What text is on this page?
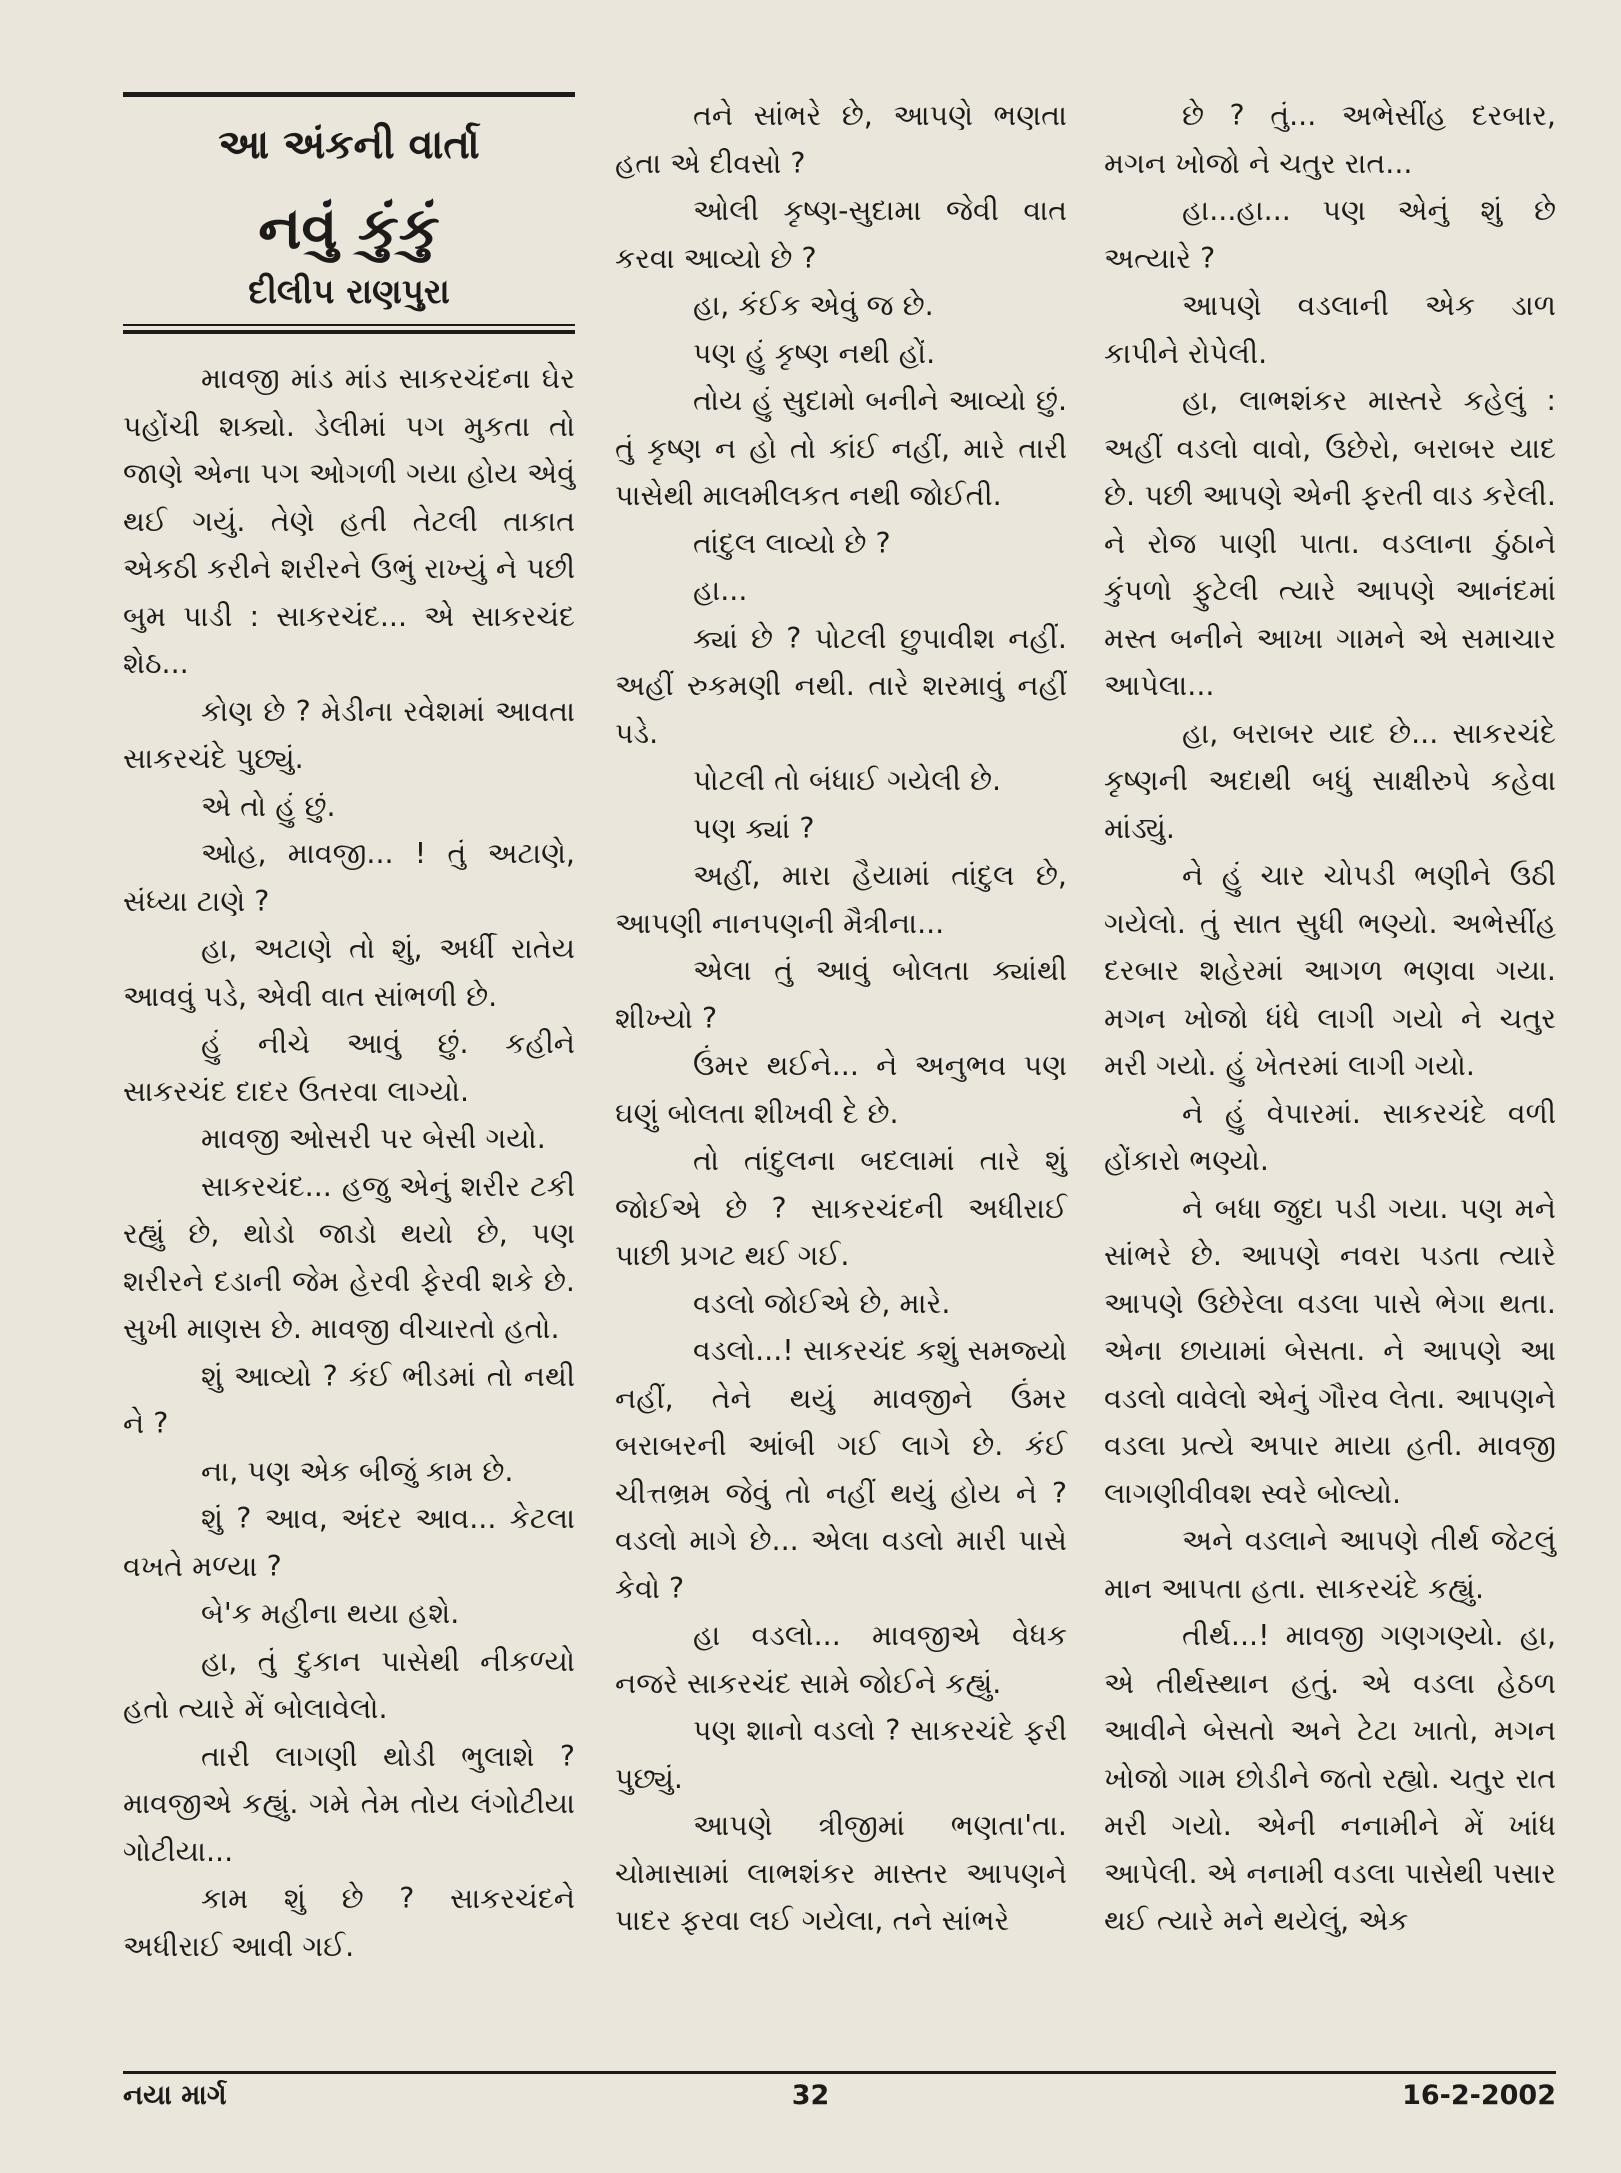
આ અંકની વાર્તા
નવું કુંકું
દીલીપ રાણપુરા

માવજી માંડ માંડ સાકરચંદના ઘેર પહોંચી શક્યો. ડેલીમાં પગ મુકતા તો જાણે એના પગ ઓગળી ગયા હોય એવું થઈ ગયું. તેણે હતી તેટલી તાકાત એકઠી કરીને શરીરને ઉભું રાખ્યું ને પછી બુમ પાડી : સાકરચંદ... એ સાકરચંદ શેઠ...

કોણ છે ? મેડીના રવેશમાં આવતા સાકરચંદે પુછ્યું.

એ તો હું છું.

ઓહ, માવજી... ! તું અટાણે, સંધ્યા ટાણે ?

હા, અટાણે તો શું, અર્ધી રાતેય આવવું પડે, એવી વાત સાંભળી છે.

હું નીચે આવું છું. કહીને સાકરચંદ દાદર ઉતરવા લાગ્યો.

માવજી ઓસરી પર બેસી ગયો.

સાકરચંદ... હજુ એનું શરીર ટકી રહ્યું છે, થોડો જાડો થયો છે, પણ શરીરને દડાની જેમ હેરવી ફેરવી શકે છે. સુખી માણસ છે. માવજી વીચારતો હતો.

શું આવ્યો ? કંઈ ભીડમાં તો નથી ને ?

ના, પણ એક બીજું કામ છે.

શું ? આવ, અંદર આવ... કેટલા વખતે મળ્યા ?

બે'ક મહીના થયા હશે.

હા, તું દુકાન પાસેથી નીકળ્યો હતો ત્યારે મેં બોલાવેલો.

તારી લાગણી થોડી ભુલાશે ? માવજીએ કહ્યું. ગમે તેમ તોય લંગોટીયા ગોટીયા...

કામ શું છે ? સાકરચંદને અધીરાઈ આવી ગઈ.

તને સાંભરે છે, આપણે ભણતા હતા એ દીવસો ?

ઓલી કૃષ્ણ-સુદામા જેવી વાત કરવા આવ્યો છે ?

હા, કંઈક એવું જ છે.

પણ હું કૃષ્ણ નથી હોં.

તોય હું સુદામો બનીને આવ્યો છું. તું કૃષ્ણ ન હો તો કાંઈ નહીં, મારે તારી પાસેથી માલમીલકત નથી જોઈતી.

તાંદુલ લાવ્યો છે ?

હા...

ક્યાં છે ? પોટલી છુપાવીશ નહીં. અહીં રુકમણી નથી. તારે શરમાવું નહીં પડે.

પોટલી તો બંધાઈ ગયેલી છે.

પણ ક્યાં ?

અહીં, મારા હૈયામાં તાંદુલ છે, આપણી નાનપણની મૈત્રીના...

એલા તું આવું બોલતા ક્યાંથી શીખ્યો ?

ઉંમર થઈને... ને અનુભવ પણ ઘણું બોલતા શીખવી દે છે.

તો તાંદુલના બદલામાં તારે શું જોઈએ છે ? સાકરચંદની અધીરાઈ પાછી પ્રગટ થઈ ગઈ.

વડલો જોઈએ છે, મારે.

વડલો...! સાકરચંદ કશું સમજ્યો નહીં, તેને થયું માવજીને ઉંમર બરાબરની આંબી ગઈ લાગે છે. કંઈ ચીત્તભ્રમ જેવું તો નહીં થયું હોય ને ? વડલો માગે છે... એલા વડલો મારી પાસે કેવો ?

હા વડલો... માવજીએ વેધક નજરે સાકરચંદ સામે જોઈને કહ્યું.

પણ શાનો વડલો ? સાકરચંદે ફરી પુછ્યું.

આપણે ત્રીજીમાં ભણતા'તા. ચોમાસામાં લાભશંકર માસ્તર આપણને પાદર ફરવા લઈ ગયેલા, તને સાંભરે

છે ? તું... અભેસીંહ દરબાર, મગન ખોજો ને ચતુર રાત...

હા...હા... પણ એનું શું છે અત્યારે ?

આપણે વડલાની એક ડાળ કાપીને રોપેલી.

હા, લાભશંકર માસ્તરે કહેલું : અહીં વડલો વાવો, ઉછેરો, બરાબર યાદ છે. પછી આપણે એની ફરતી વાડ કરેલી. ને રોજ પાણી પાતા. વડલાના ઠુંઠાને કુંપળો ફુટેલી ત્યારે આપણે આનંદમાં મસ્ત બનીને આખા ગામને એ સમાચાર આપેલા...

હા, બરાબર યાદ છે... સાકરચંદે કૃષ્ણની અદાથી બધું સાક્ષીરુપે કહેવા માંડ્યું.

ને હું ચાર ચોપડી ભણીને ઉઠી ગયેલો. તું સાત સુધી ભણ્યો. અભેસીંહ દરબાર શહેરમાં આગળ ભણવા ગયા. મગન ખોજો ધંધે લાગી ગયો ને ચતુર મરી ગયો. હું ખેતરમાં લાગી ગયો.

ને હું વેપારમાં. સાકરચંદે વળી હોંકારો ભણ્યો.

ને બધા જુદા પડી ગયા. પણ મને સાંભરે છે. આપણે નવરા પડતા ત્યારે આપણે ઉછેરેલા વડલા પાસે ભેગા થતા. એના છાયામાં બેસતા. ને આપણે આ વડલો વાવેલો એનું ગૌરવ લેતા. આપણને વડલા પ્રત્યે અપાર માયા હતી. માવજી લાગણીવીવશ સ્વરે બોલ્યો.

અને વડલાને આપણે તીર્થ જેટલું માન આપતા હતા. સાકરચંદે કહ્યું.

તીર્થ...! માવજી ગણગણ્યો. હા, એ તીર્થસ્થાન હતું. એ વડલા હેઠળ આવીને બેસતો અને ટેટા ખાતો, મગન ખોજો ગામ છોડીને જતો રહ્યો. ચતુર રાત મરી ગયો. એની નનામીને મેં ખાંધ આપેલી. એ નનામી વડલા પાસેથી પસાર થઈ ત્યારે મને થયેલું, એક

નયા માર્ગ	32	16-2-2002
